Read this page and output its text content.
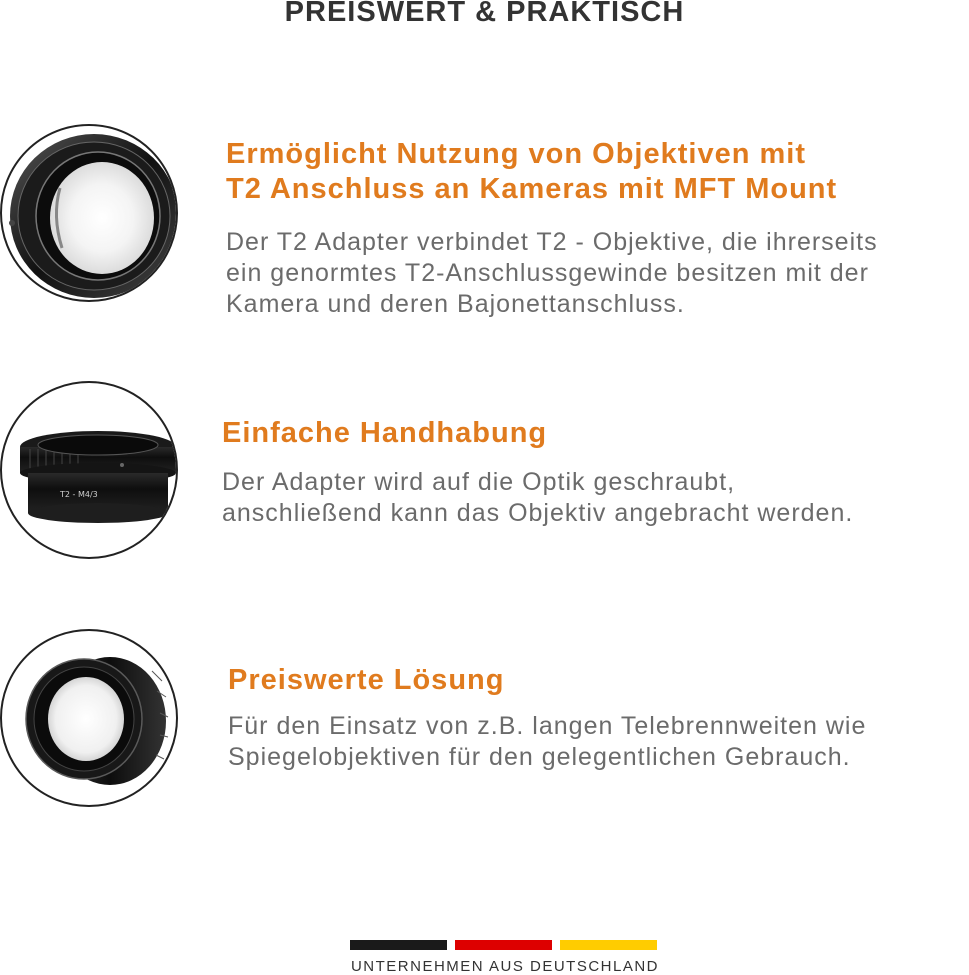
PREISWERT & PRAKTISCH
Ermöglicht Nutzung von Objektiven mit
T2 Anschluss an Kameras mit MFT Mount
Der T2 Adapter verbindet T2 - Objektive, die ihrerseits
ein genormtes T2-Anschlussgewinde besitzen mit der
Kamera und deren Bajonettanschluss.
T2 - M4/3
Einfache Handhabung
Der Adapter wird auf die Optik geschraubt,
anschließend kann das Objektiv angebracht werden.
Preiswerte Lösung
Für den Einsatz von z.B. langen Telebrennweiten wie
Spiegelobjektiven für den gelegentlichen Gebrauch.
UNTERNEHMEN AUS DEUTSCHLAND
